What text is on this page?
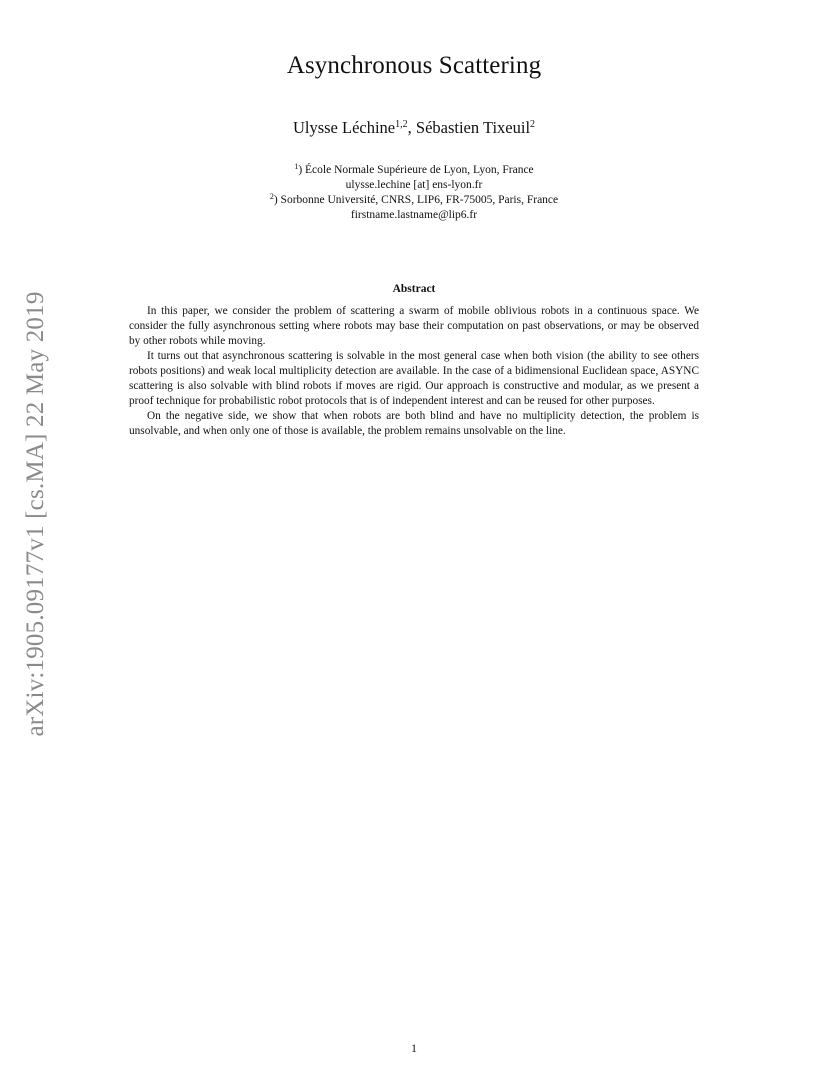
arXiv:1905.09177v1 [cs.MA] 22 May 2019
Asynchronous Scattering
Ulysse Léchine$^{1,2}$, Sébastien Tixeuil$^2$
$^1$) École Normale Supérieure de Lyon, Lyon, France
ulysse.lechine [at] ens-lyon.fr
$^2$) Sorbonne Université, CNRS, LIP6, FR-75005, Paris, France
firstname.lastname@lip6.fr
Abstract

In this paper, we consider the problem of scattering a swarm of mobile oblivious robots in a continuous space. We consider the fully asynchronous setting where robots may base their computation on past observations, or may be observed by other robots while moving.

It turns out that asynchronous scattering is solvable in the most general case when both vision (the ability to see others robots positions) and weak local multiplicity detection are available. In the case of a bidimensional Euclidean space, ASYNC scattering is also solvable with blind robots if moves are rigid. Our approach is constructive and modular, as we present a proof technique for probabilistic robot protocols that is of independent interest and can be reused for other purposes.

On the negative side, we show that when robots are both blind and have no multiplicity detection, the problem is unsolvable, and when only one of those is available, the problem remains unsolvable on the line.

1
